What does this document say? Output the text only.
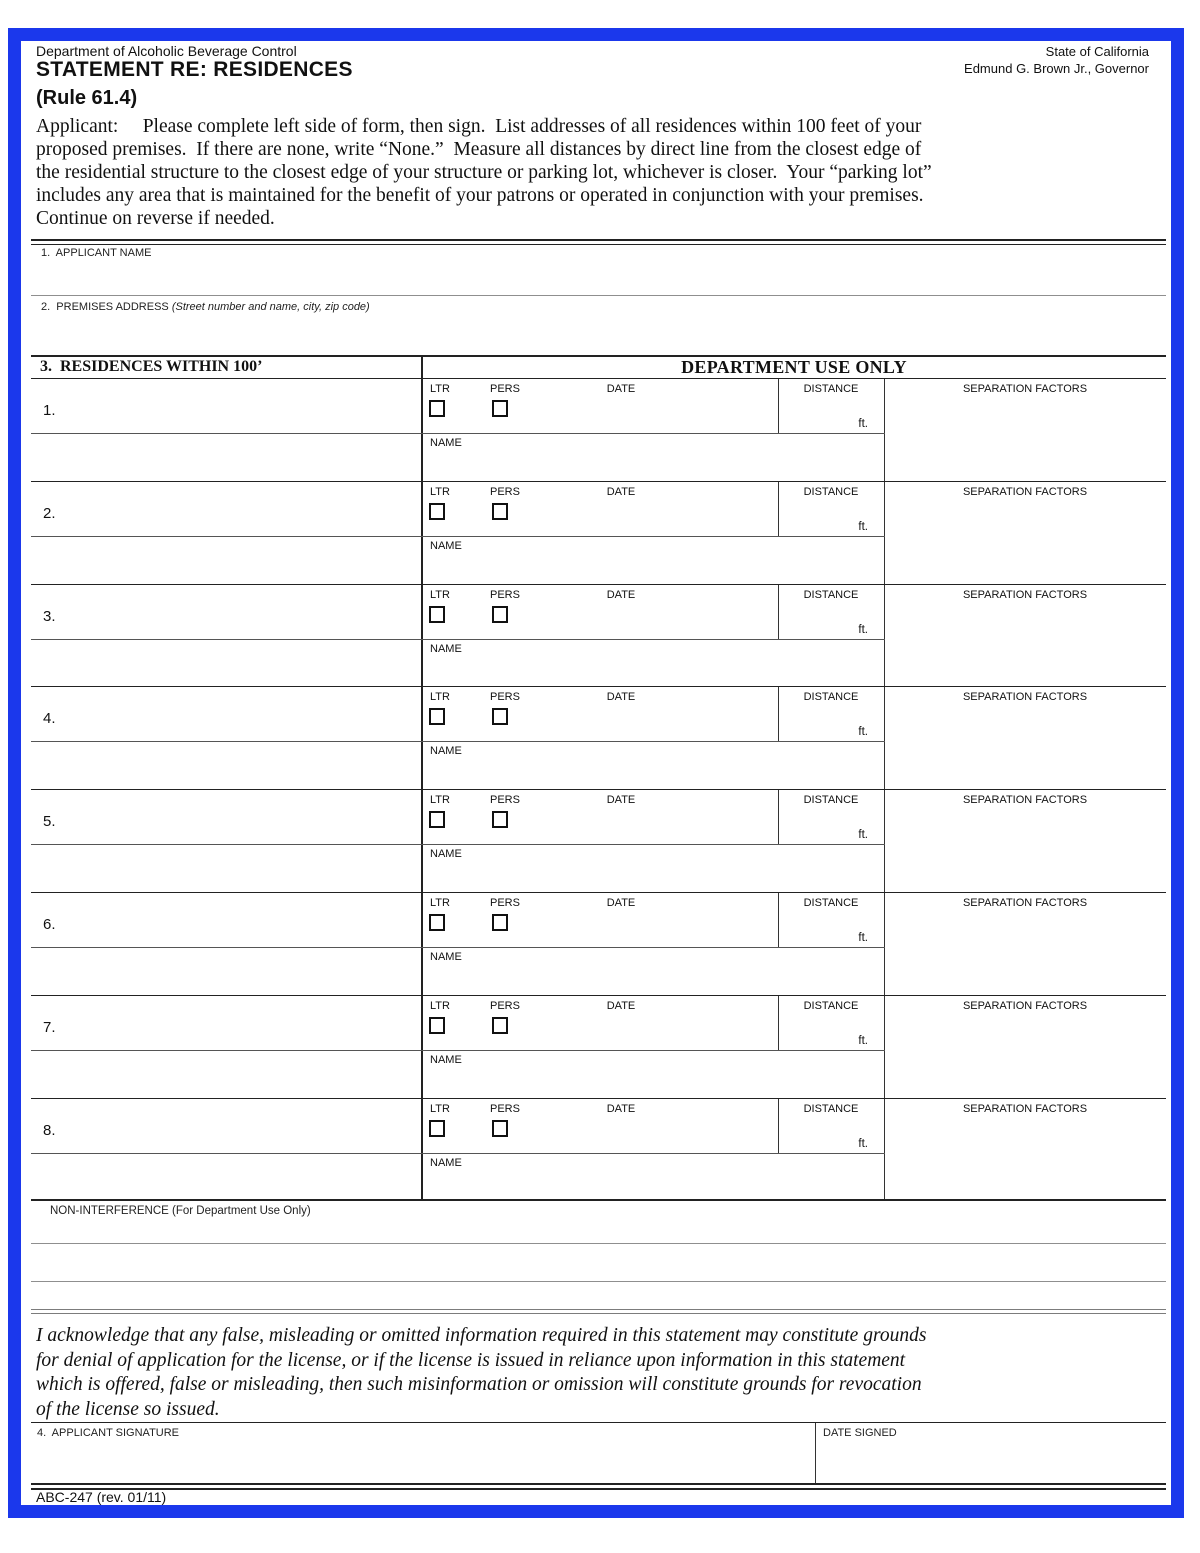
Department of Alcoholic Beverage Control
STATEMENT RE: RESIDENCES
(Rule 61.4)
State of California
Edmund G. Brown Jr., Governor
Applicant:     Please complete left side of form, then sign.  List addresses of all residences within 100 feet of your
proposed premises.  If there are none, write “None.”  Measure all distances by direct line from the closest edge of
the residential structure to the closest edge of your structure or parking lot, whichever is closer.  Your “parking lot”
includes any area that is maintained for the benefit of your patrons or operated in conjunction with your premises.
Continue on reverse if needed.
1.  APPLICANT NAME
2.  PREMISES ADDRESS (Street number and name, city, zip code)
3.  RESIDENCES WITHIN 100’	DEPARTMENT USE ONLY
1.
LTR	PERS	DATE	DISTANCE	SEPARATION FACTORS
ft.
NAME
2.
LTR	PERS	DATE	DISTANCE	SEPARATION FACTORS
ft.
NAME
3.
LTR	PERS	DATE	DISTANCE	SEPARATION FACTORS
ft.
NAME
4.
LTR	PERS	DATE	DISTANCE	SEPARATION FACTORS
ft.
NAME
5.
LTR	PERS	DATE	DISTANCE	SEPARATION FACTORS
ft.
NAME
6.
LTR	PERS	DATE	DISTANCE	SEPARATION FACTORS
ft.
NAME
7.
LTR	PERS	DATE	DISTANCE	SEPARATION FACTORS
ft.
NAME
8.
LTR	PERS	DATE	DISTANCE	SEPARATION FACTORS
ft.
NAME
NON-INTERFERENCE (For Department Use Only)
I acknowledge that any false, misleading or omitted information required in this statement may constitute grounds
for denial of application for the license, or if the license is issued in reliance upon information in this statement
which is offered, false or misleading, then such misinformation or omission will constitute grounds for revocation
of the license so issued.
4.  APPLICANT SIGNATURE	DATE SIGNED
ABC-247 (rev. 01/11)
